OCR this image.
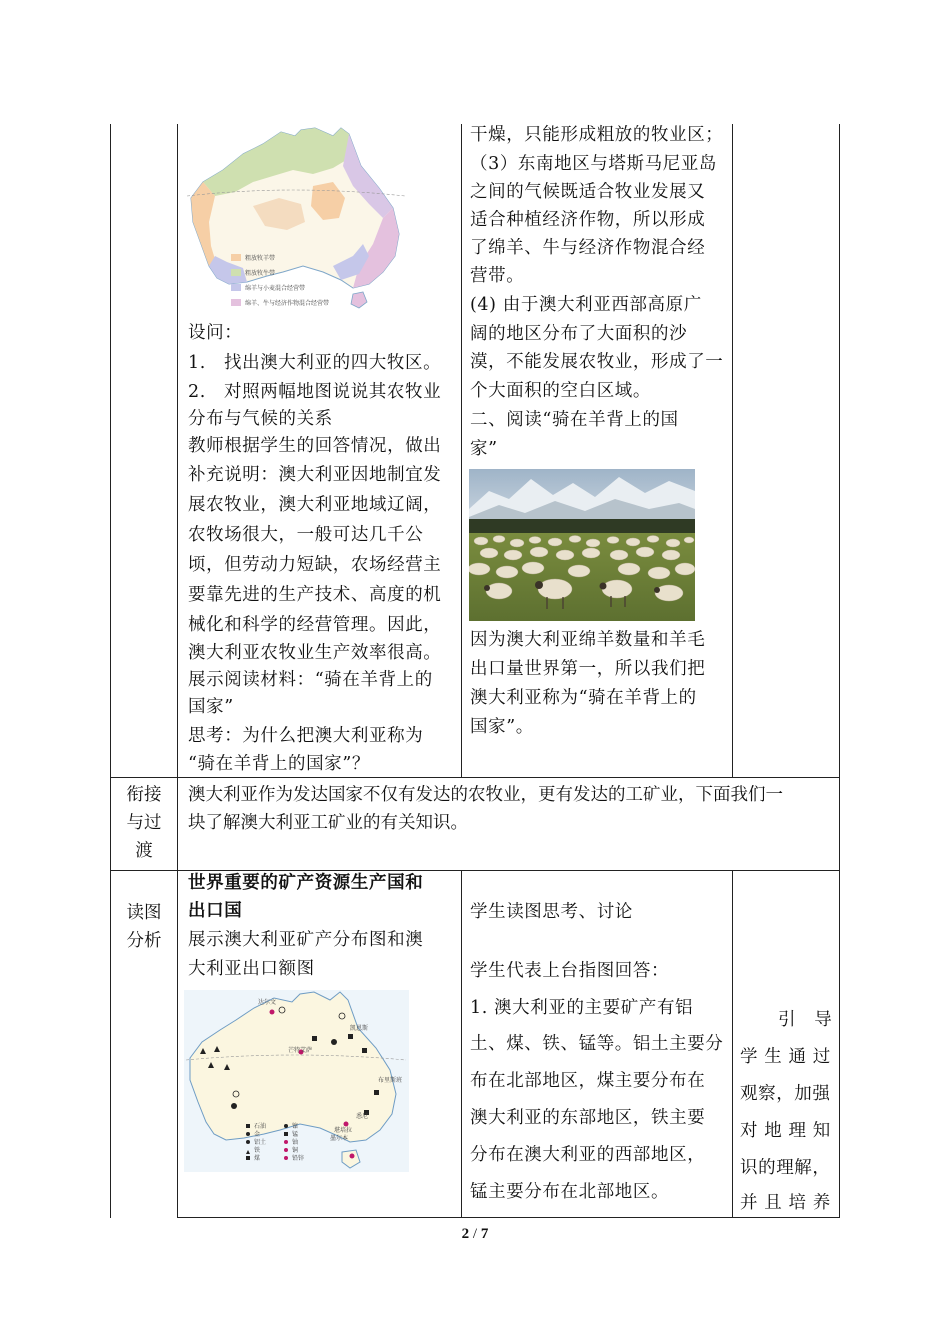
粗放牧羊带
粗放牧牛带
绵羊与小麦混合经营带
绵羊、牛与经济作物混合经营带
设问：
1.　找出澳大利亚的四大牧区。
2.　对照两幅地图说说其农牧业
分布与气候的关系
教师根据学生的回答情况，做出
补充说明：澳大利亚因地制宜发
展农牧业，澳大利亚地域辽阔，
农牧场很大，一般可达几千公
顷，但劳动力短缺，农场经营主
要靠先进的生产技术、高度的机
械化和科学的经营管理。因此，
澳大利亚农牧业生产效率很高。
展示阅读材料：“骑在羊背上的
国家”
思考：为什么把澳大利亚称为
“骑在羊背上的国家”？
干燥，只能形成粗放的牧业区；
（3）东南地区与塔斯马尼亚岛
之间的气候既适合牧业发展又
适合种植经济作物，所以形成
了绵羊、牛与经济作物混合经
营带。
(4) 由于澳大利亚西部高原广
阔的地区分布了大面积的沙
漠，不能发展农牧业，形成了一
个大面积的空白区域。
二、阅读“骑在羊背上的国
家”
因为澳大利亚绵羊数量和羊毛
出口量世界第一，所以我们把
澳大利亚称为“骑在羊背上的
国家”。
衔接
与过
渡
澳大利亚作为发达国家不仅有发达的农牧业，更有发达的工矿业，下面我们一
块了解澳大利亚工矿业的有关知识。
读图
分析
世界重要的矿产资源生产国和
出口国
展示澳大利亚矿产分布图和澳
大利亚出口额图
达尔文
芒特艾萨
凯恩斯
布里斯班
悉尼
墨尔本
堪培拉
石油
金
铝土
铁
煤
镍
锰
铀
铜
铅锌
学生读图思考、讨论
学生代表上台指图回答：
1. 澳大利亚的主要矿产有铝
土、煤、铁、锰等。铝土主要分
布在北部地区，煤主要分布在
澳大利亚的东部地区，铁主要
分布在澳大利亚的西部地区，
锰主要分布在北部地区。
引　导
学 生 通 过
观察，加强
对 地 理 知
识的理解，
并 且 培 养
2 / 7
